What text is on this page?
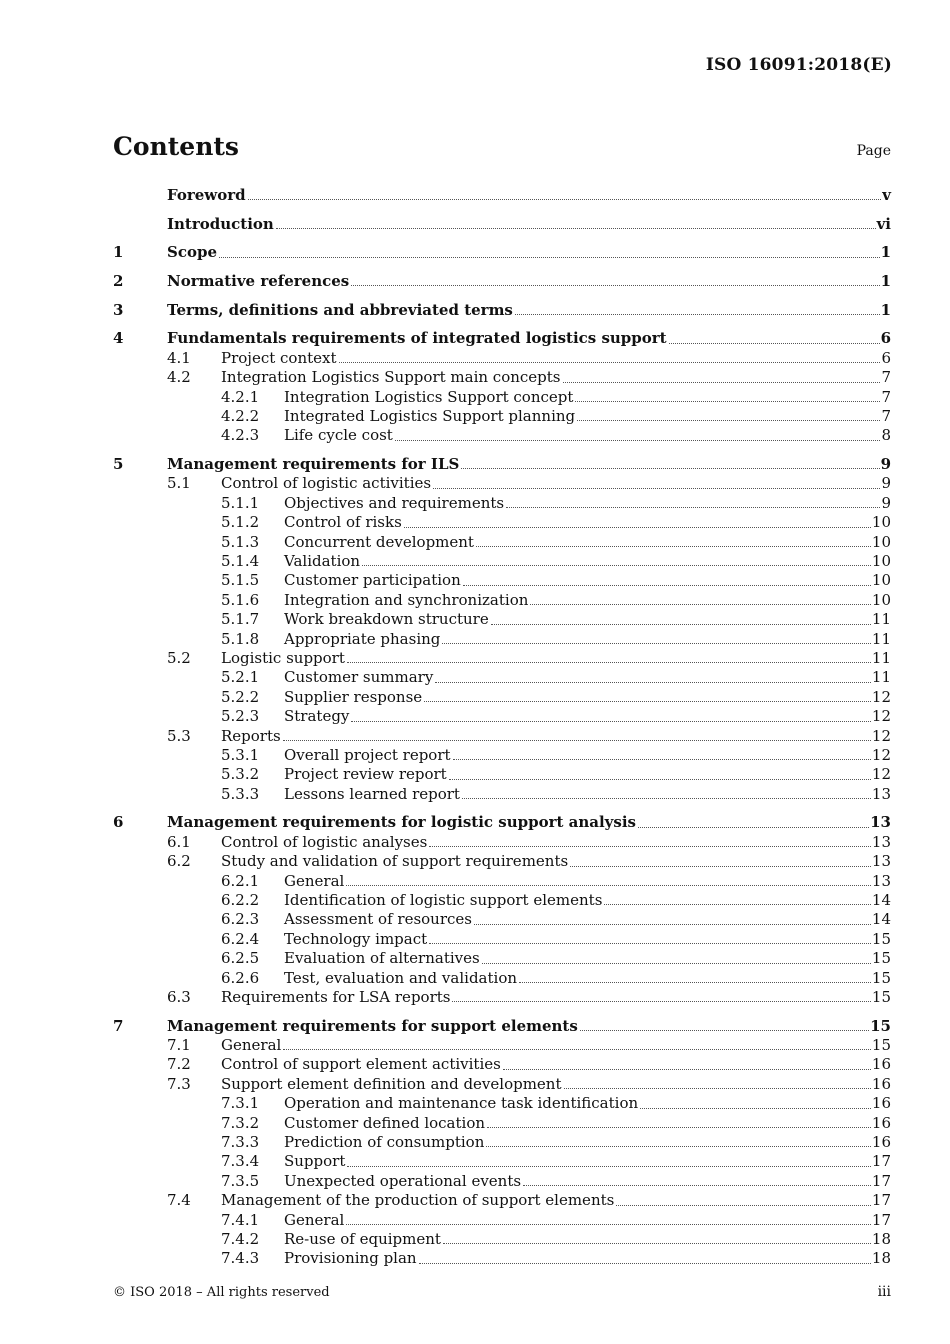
ISO 16091:2018(E)
Contents	Page
Foreword	v
Introduction	vi
1	Scope	1
2	Normative references	1
3	Terms, definitions and abbreviated terms	1
4	Fundamentals requirements of integrated logistics support	6
4.1	Project context	6
4.2	Integration Logistics Support main concepts	7
4.2.1	Integration Logistics Support concept	7
4.2.2	Integrated Logistics Support planning	7
4.2.3	Life cycle cost	8
5	Management requirements for ILS	9
5.1	Control of logistic activities	9
5.1.1	Objectives and requirements	9
5.1.2	Control of risks	10
5.1.3	Concurrent development	10
5.1.4	Validation	10
5.1.5	Customer participation	10
5.1.6	Integration and synchronization	10
5.1.7	Work breakdown structure	11
5.1.8	Appropriate phasing	11
5.2	Logistic support	11
5.2.1	Customer summary	11
5.2.2	Supplier response	12
5.2.3	Strategy	12
5.3	Reports	12
5.3.1	Overall project report	12
5.3.2	Project review report	12
5.3.3	Lessons learned report	13
6	Management requirements for logistic support analysis	13
6.1	Control of logistic analyses	13
6.2	Study and validation of support requirements	13
6.2.1	General	13
6.2.2	Identification of logistic support elements	14
6.2.3	Assessment of resources	14
6.2.4	Technology impact	15
6.2.5	Evaluation of alternatives	15
6.2.6	Test, evaluation and validation	15
6.3	Requirements for LSA reports	15
7	Management requirements for support elements	15
7.1	General	15
7.2	Control of support element activities	16
7.3	Support element definition and development	16
7.3.1	Operation and maintenance task identification	16
7.3.2	Customer defined location	16
7.3.3	Prediction of consumption	16
7.3.4	Support	17
7.3.5	Unexpected operational events	17
7.4	Management of the production of support elements	17
7.4.1	General	17
7.4.2	Re-use of equipment	18
7.4.3	Provisioning plan	18
© ISO 2018 – All rights reserved	iii
